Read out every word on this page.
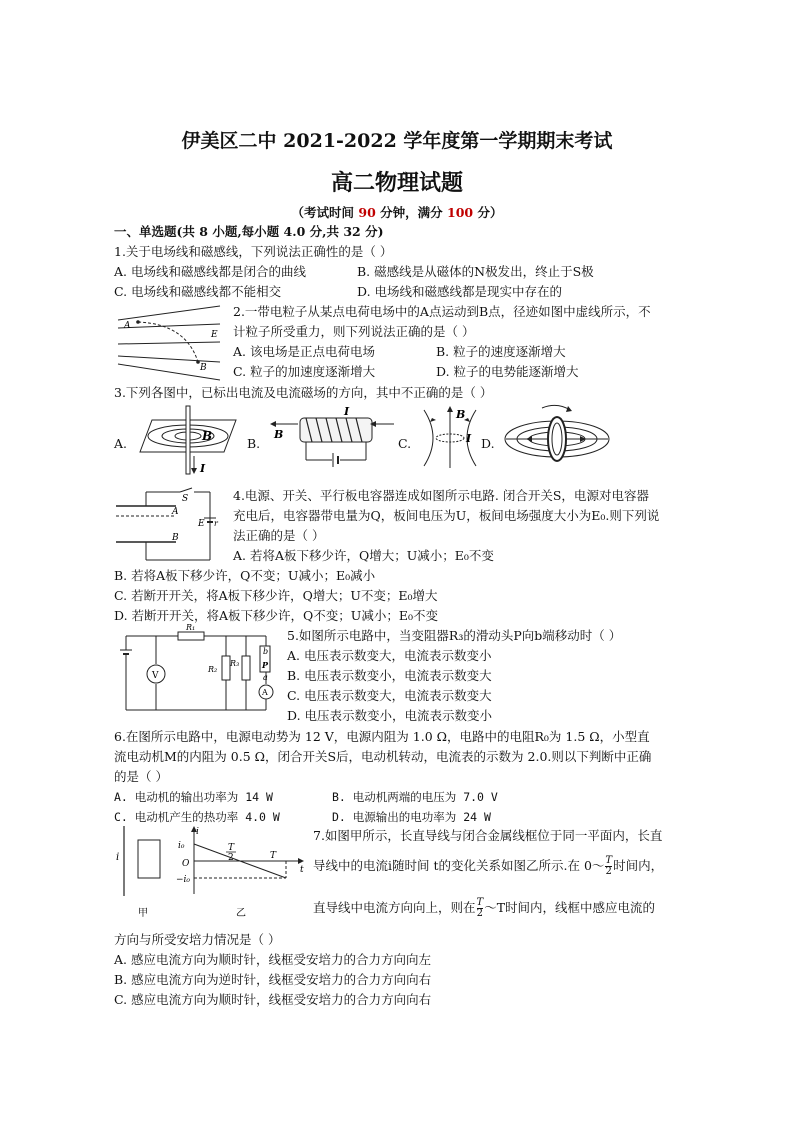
伊美区二中 2021-2022 学年度第一学期期末考试
高二物理试题
（考试时间 90 分钟，满分 100 分）
一、单选题(共 8 小题,每小题 4.0 分,共 32 分)
1.关于电场线和磁感线，下列说法正确性的是（ ）
A. 电场线和磁感线都是闭合的曲线	B. 磁感线是从磁体的N极发出，终止于S极
C. 电场线和磁感线都不能相交	D. 电场线和磁感线都是现实中存在的
A
B
E
2.一带电粒子从某点电荷电场中的A点运动到B点，径迹如图中虚线所示，不
计粒子所受重力，则下列说法正确的是（ ）
A. 该电场是正点电荷电场	B. 粒子的速度逐渐增大
C. 粒子的加速度逐渐增大	D. 粒子的电势能逐渐增大
3.下列各图中，已标出电流及电流磁场的方向，其中不正确的是（ ）
A.	B
I
B.
B
I
C.
B
I D.
S
A
B
E r
4.电源、开关、平行板电容器连成如图所示电路. 闭合开关S，电源对电容器
充电后，电容器带电量为Q，板间电压为U，板间电场强度大小为E₀.则下列说
法正确的是（ ）
A. 若将A板下移少许，Q增大；U减小；E₀不变
B. 若将A板下移少许，Q不变；U减小；E₀减小
C. 若断开开关，将A板下移少许，Q增大；U不变；E₀增大
D. 若断开开关，将A板下移少许，Q不变；U减小；E₀不变
V
R₁
R₂
R₃
A
b
P
a
5.如图所示电路中，当变阻器R₃的滑动头P向b端移动时（ ）
A. 电压表示数变大，电流表示数变小
B. 电压表示数变小，电流表示数变大
C. 电压表示数变大，电流表示数变大
D. 电压表示数变小，电流表示数变小
6.在图所示电路中，电源电动势为 12 V，电源内阻为 1.0 Ω，电路中的电阻R₀为 1.5 Ω，小型直
流电动机M的内阻为 0.5 Ω，闭合开关S后，电动机转动，电流表的示数为 2.0.则以下判断中正确
的是（ ）
A. 电动机的输出功率为 14 W	B. 电动机两端的电压为 7.0 V
C. 电动机产生的热功率 4.0 W	D. 电源输出的电功率为 24 W
i
甲
i
i₀
O
−i₀
T
2	T
t
乙
7.如图甲所示，长直导线与闭合金属线框位于同一平面内，长直
导线中的电流i随时间 t的变化关系如图乙所示.在 0～ $\frac{T}{2}$ 时间内，
直导线中电流方向向上，则在 $\frac{T}{2}$ ～T时间内，线框中感应电流的
方向与所受安培力情况是（ ）
A. 感应电流方向为顺时针，线框受安培力的合力方向向左
B. 感应电流方向为逆时针，线框受安培力的合力方向向右
C. 感应电流方向为顺时针，线框受安培力的合力方向向右
